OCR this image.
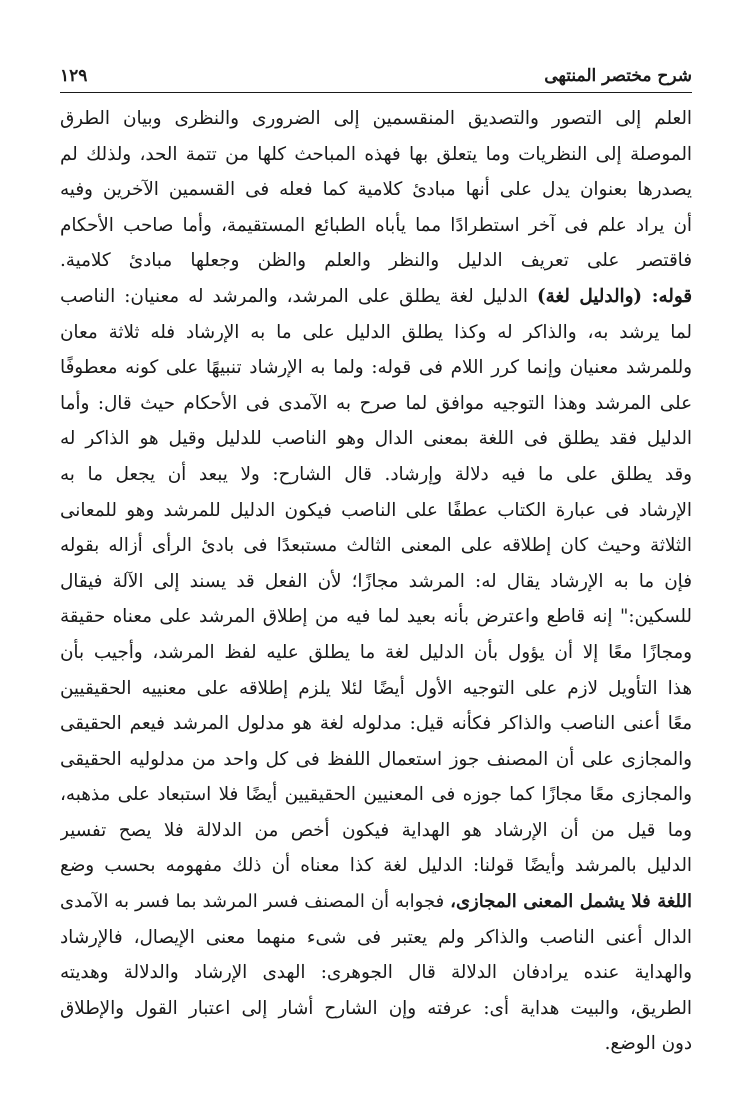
شرح مختصر المنتهى
١٢٩
العلم إلى التصور والتصديق المنقسمين إلى الضرورى والنظرى وبيان الطرق
الموصلة إلى النظريات وما يتعلق بها فهذه المباحث كلها من تتمة الحد، ولذلك لم
يصدرها بعنوان يدل على أنها مبادئ كلامية كما فعله فى القسمين الآخرين وفيه
أن يراد علم فى آخر استطرادًا مما يأباه الطبائع المستقيمة، وأما صاحب الأحكام
فاقتصر على تعريف الدليل والنظر والعلم والظن وجعلها مبادئ كلامية.
قوله: (والدليل لغة) الدليل لغة يطلق على المرشد، والمرشد له معنيان: الناصب
لما يرشد به، والذاكر له وكذا يطلق الدليل على ما به الإرشاد فله ثلاثة معان
وللمرشد معنيان وإنما كرر اللام فى قوله: ولما به الإرشاد تنبيهًا على كونه معطوفًا
على المرشد وهذا التوجيه موافق لما صرح به الآمدى فى الأحكام حيث قال: وأما
الدليل فقد يطلق فى اللغة بمعنى الدال وهو الناصب للدليل وقيل هو الذاكر له
وقد يطلق على ما فيه دلالة وإرشاد. قال الشارح: ولا يبعد أن يجعل ما به
الإرشاد فى عبارة الكتاب عطفًا على الناصب فيكون الدليل للمرشد وهو للمعانى
الثلاثة وحيث كان إطلاقه على المعنى الثالث مستبعدًا فى بادئ الرأى أزاله بقوله
فإن ما به الإرشاد يقال له: المرشد مجازًا؛ لأن الفعل قد يسند إلى الآلة فيقال
للسكين:" إنه قاطع واعترض بأنه بعيد لما فيه من إطلاق المرشد على معناه حقيقة
ومجازًا معًا إلا أن يؤول بأن الدليل لغة ما يطلق عليه لفظ المرشد، وأجيب بأن
هذا التأويل لازم على التوجيه الأول أيضًا لئلا يلزم إطلاقه على معنييه الحقيقيين
معًا أعنى الناصب والذاكر فكأنه قيل: مدلوله لغة هو مدلول المرشد فيعم الحقيقى
والمجازى على أن المصنف جوز استعمال اللفظ فى كل واحد من مدلوليه الحقيقى
والمجازى معًا مجازًا كما جوزه فى المعنيين الحقيقيين أيضًا فلا استبعاد على مذهبه،
وما قيل من أن الإرشاد هو الهداية فيكون أخص من الدلالة فلا يصح تفسير
الدليل بالمرشد وأيضًا قولنا: الدليل لغة كذا معناه أن ذلك مفهومه بحسب وضع
اللغة فلا يشمل المعنى المجازى، فجوابه أن المصنف فسر المرشد بما فسر به الآمدى
الدال أعنى الناصب والذاكر ولم يعتبر فى شىء منهما معنى الإيصال، فالإرشاد
والهداية عنده يرادفان الدلالة قال الجوهرى: الهدى الإرشاد والدلالة وهديته
الطريق، والبيت هداية أى: عرفته وإن الشارح أشار إلى اعتبار القول والإطلاق
دون الوضع.
